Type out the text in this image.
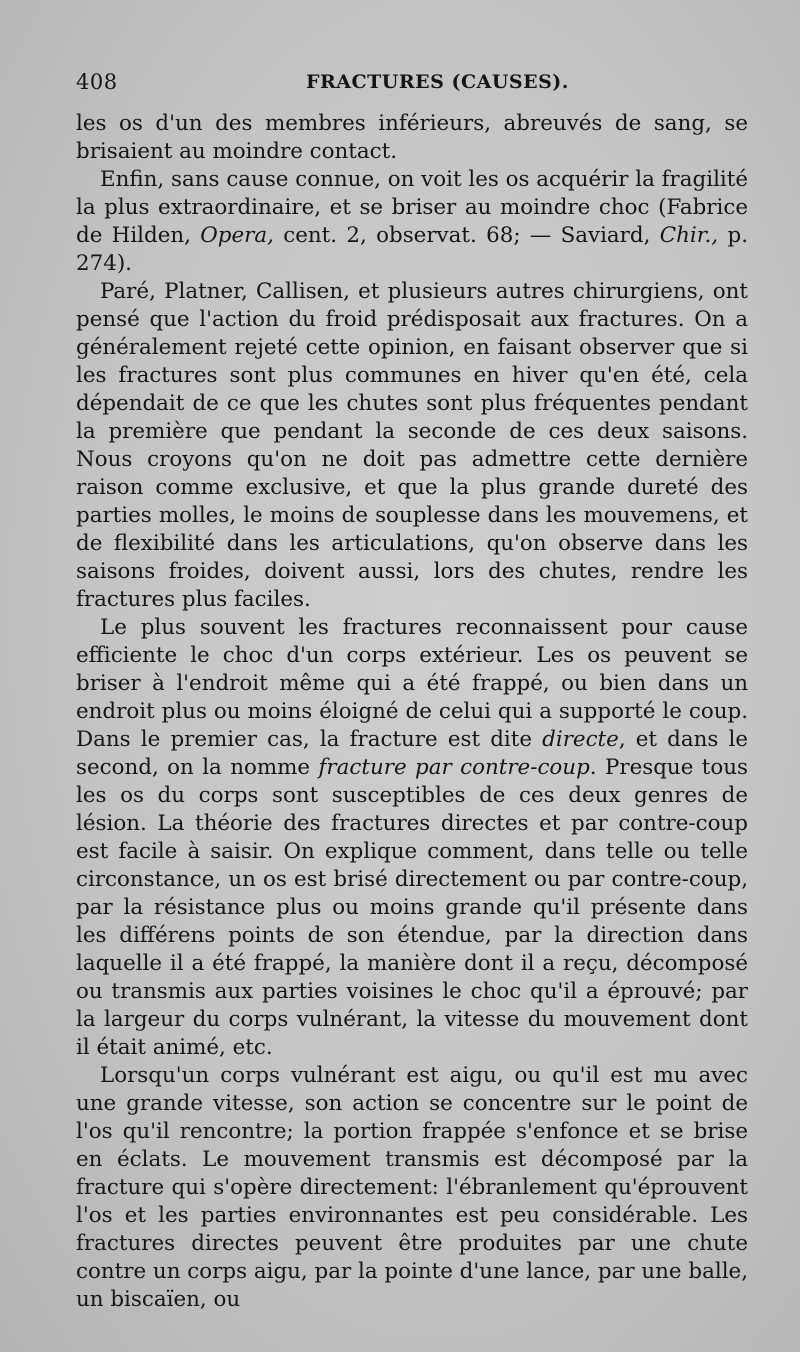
408	FRACTURES (CAUSES).

les os d'un des membres inférieurs, abreuvés de sang, se brisaient au moindre contact.

Enfin, sans cause connue, on voit les os acquérir la fragilité la plus extraordinaire, et se briser au moindre choc (Fabrice de Hilden, Opera, cent. 2, observat. 68; — Saviard, Chir., p. 274).

Paré, Platner, Callisen, et plusieurs autres chirurgiens, ont pensé que l'action du froid prédisposait aux fractures. On a généralement rejeté cette opinion, en faisant observer que si les fractures sont plus communes en hiver qu'en été, cela dépendait de ce que les chutes sont plus fréquentes pendant la première que pendant la seconde de ces deux saisons. Nous croyons qu'on ne doit pas admettre cette dernière raison comme exclusive, et que la plus grande dureté des parties molles, le moins de souplesse dans les mouvemens, et de flexibilité dans les articulations, qu'on observe dans les saisons froides, doivent aussi, lors des chutes, rendre les fractures plus faciles.

Le plus souvent les fractures reconnaissent pour cause efficiente le choc d'un corps extérieur. Les os peuvent se briser à l'endroit même qui a été frappé, ou bien dans un endroit plus ou moins éloigné de celui qui a supporté le coup. Dans le premier cas, la fracture est dite directe, et dans le second, on la nomme fracture par contre-coup. Presque tous les os du corps sont susceptibles de ces deux genres de lésion. La théorie des fractures directes et par contre-coup est facile à saisir. On explique comment, dans telle ou telle circonstance, un os est brisé directement ou par contre-coup, par la résistance plus ou moins grande qu'il présente dans les différens points de son étendue, par la direction dans laquelle il a été frappé, la manière dont il a reçu, décomposé ou transmis aux parties voisines le choc qu'il a éprouvé; par la largeur du corps vulnérant, la vitesse du mouvement dont il était animé, etc.

Lorsqu'un corps vulnérant est aigu, ou qu'il est mu avec une grande vitesse, son action se concentre sur le point de l'os qu'il rencontre; la portion frappée s'enfonce et se brise en éclats. Le mouvement transmis est décomposé par la fracture qui s'opère directement: l'ébranlement qu'éprouvent l'os et les parties environnantes est peu considérable. Les fractures directes peuvent être produites par une chute contre un corps aigu, par la pointe d'une lance, par une balle, un biscaïen, ou
